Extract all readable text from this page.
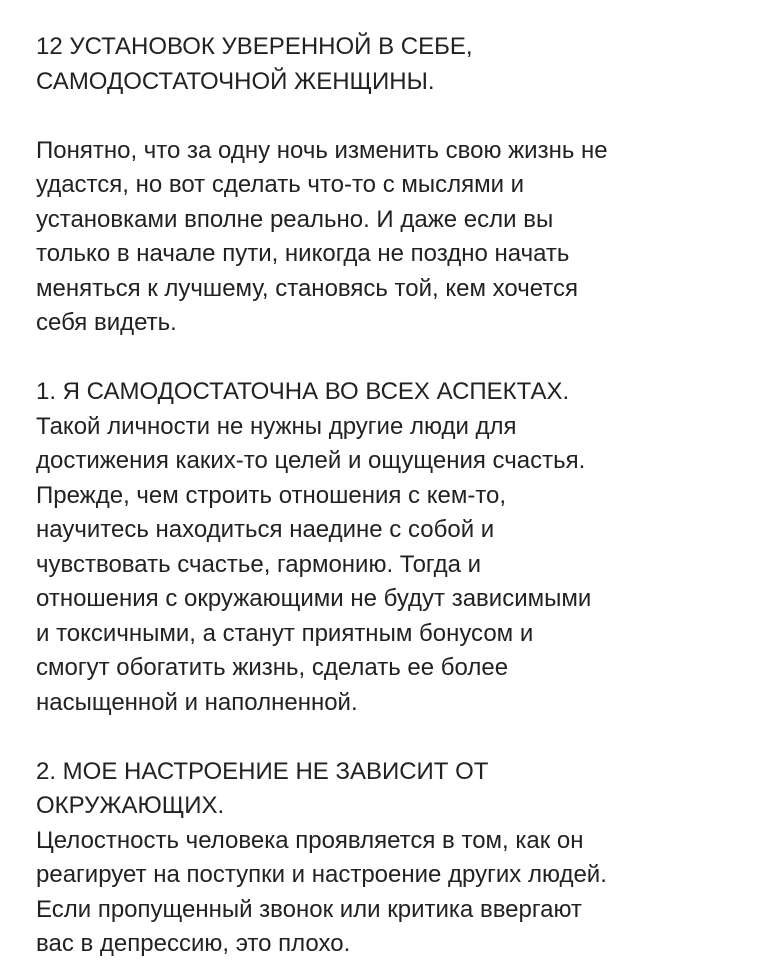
12 УСТАНОВОК УВЕРЕННОЙ В СЕБЕ,
САМОДОСТАТОЧНОЙ ЖЕНЩИНЫ.
Понятно, что за одну ночь изменить свою жизнь не
удастся, но вот сделать что-то с мыслями и
установками вполне реально. И даже если вы
только в начале пути, никогда не поздно начать
меняться к лучшему, становясь той, кем хочется
себя видеть.
1. Я САМОДОСТАТОЧНА ВО ВСЕХ АСПЕКТАХ.
Такой личности не нужны другие люди для
достижения каких-то целей и ощущения счастья.
Прежде, чем строить отношения с кем-то,
научитесь находиться наедине с собой и
чувствовать счастье, гармонию. Тогда и
отношения с окружающими не будут зависимыми
и токсичными, а станут приятным бонусом и
смогут обогатить жизнь, сделать ее более
насыщенной и наполненной.
2. МОЕ НАСТРОЕНИЕ НЕ ЗАВИСИТ ОТ
ОКРУЖАЮЩИХ.
Целостность человека проявляется в том, как он
реагирует на поступки и настроение других людей.
Если пропущенный звонок или критика ввергают
вас в депрессию, это плохо.
